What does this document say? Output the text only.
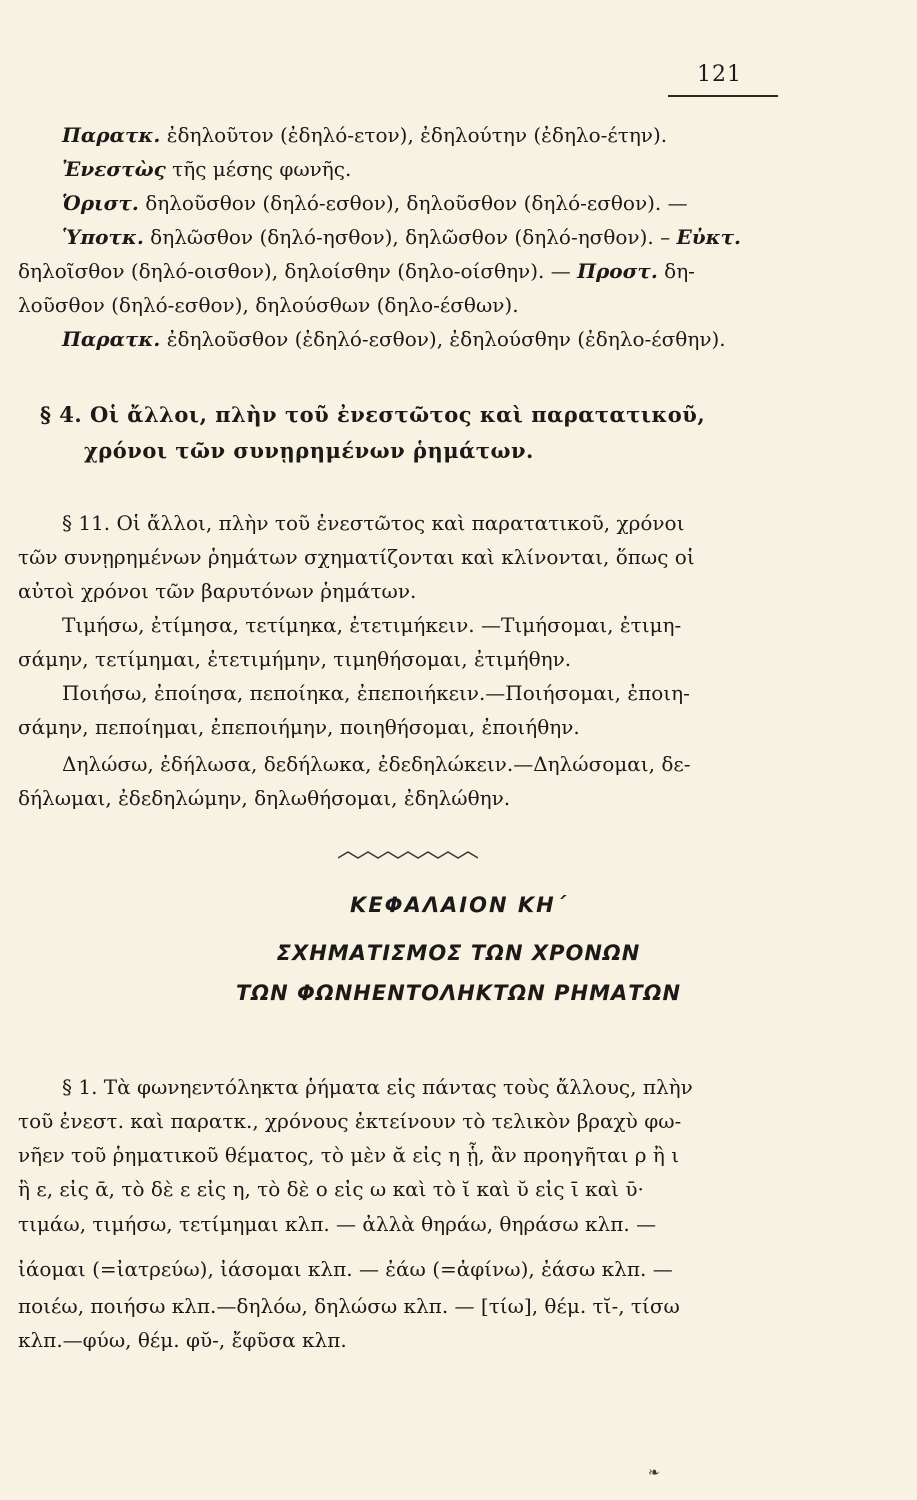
121
Παρατκ. ἐδηλοῦτον (ἐδηλό-ετον), ἐδηλούτην (ἐδηλο-έτην).
Ἐνεστὼς τῆς μέσης φωνῆς.
Ὁριστ. δηλοῦσθον (δηλό-εσθον), δηλοῦσθον (δηλό-εσθον). —
Ὑποτκ. δηλῶσθον (δηλό-ησθον), δηλῶσθον (δηλό-ησθον). – Εὐκτ.
δηλοῖσθον (δηλό-οισθον), δηλοίσθην (δηλο-οίσθην). — Προστ. δη-
λοῦσθον (δηλό-εσθον), δηλούσθων (δηλο-έσθων).
Παρατκ. ἐδηλοῦσθον (ἐδηλό-εσθον), ἐδηλούσθην (ἐδηλο-έσθην).
§ 4. Οἱ ἄλλοι, πλὴν τοῦ ἐνεστῶτος καὶ παρατατικοῦ,
χρόνοι τῶν συνῃρημένων ῥημάτων.
§ 11. Οἱ ἄλλοι, πλὴν τοῦ ἐνεστῶτος καὶ παρατατικοῦ, χρόνοι
τῶν συνῃρημένων ῥημάτων σχηματίζονται καὶ κλίνονται, ὅπως οἱ
αὐτοὶ χρόνοι τῶν βαρυτόνων ῥημάτων.
Τιμήσω, ἐτίμησα, τετίμηκα, ἐτετιμήκειν. —Τιμήσομαι, ἐτιμη-
σάμην, τετίμημαι, ἐτετιμήμην, τιμηθήσομαι, ἐτιμήθην.
Ποιήσω, ἐποίησα, πεποίηκα, ἐπεποιήκειν.—Ποιήσομαι, ἐποιη-
σάμην, πεποίημαι, ἐπεποιήμην, ποιηθήσομαι, ἐποιήθην.
Δηλώσω, ἐδήλωσα, δεδήλωκα, ἐδεδηλώκειν.—Δηλώσομαι, δε-
δήλωμαι, ἐδεδηλώμην, δηλωθήσομαι, ἐδηλώθην.
ΚΕΦΑΛΑΙΟΝ ΚΗ΄
ΣΧΗΜΑΤΙΣΜΟΣ ΤΩΝ ΧΡΟΝΩΝ
ΤΩΝ ΦΩΝΗΕΝΤΟΛΗΚΤΩΝ ΡΗΜΑΤΩΝ
§ 1. Τὰ φωνηεντόληκτα ῥήματα εἰς πάντας τοὺς ἄλλους, πλὴν
τοῦ ἐνεστ. καὶ παρατκ., χρόνους ἐκτείνουν τὸ τελικὸν βραχὺ φω-
νῆεν τοῦ ῥηματικοῦ θέματος, τὸ μὲν ᾰ εἰς η ᾗ, ἂν προηγῆται ρ ἢ ι
ἢ ε, εἰς ᾱ, τὸ δὲ ε εἰς η, τὸ δὲ ο εἰς ω καὶ τὸ ῐ καὶ ῠ εἰς ῑ καὶ ῡ·
τιμάω, τιμήσω, τετίμημαι κλπ. — ἀλλὰ θηράω, θηράσω κλπ. —
ἰάομαι (=ἰατρεύω), ἰάσομαι κλπ. — ἐάω (=ἀφίνω), ἐάσω κλπ. —
ποιέω, ποιήσω κλπ.—δηλόω, δηλώσω κλπ. — [τίω], θέμ. τῐ-, τίσω
κλπ.—φύω, θέμ. φῠ-, ἔφῦσα κλπ.
❧
